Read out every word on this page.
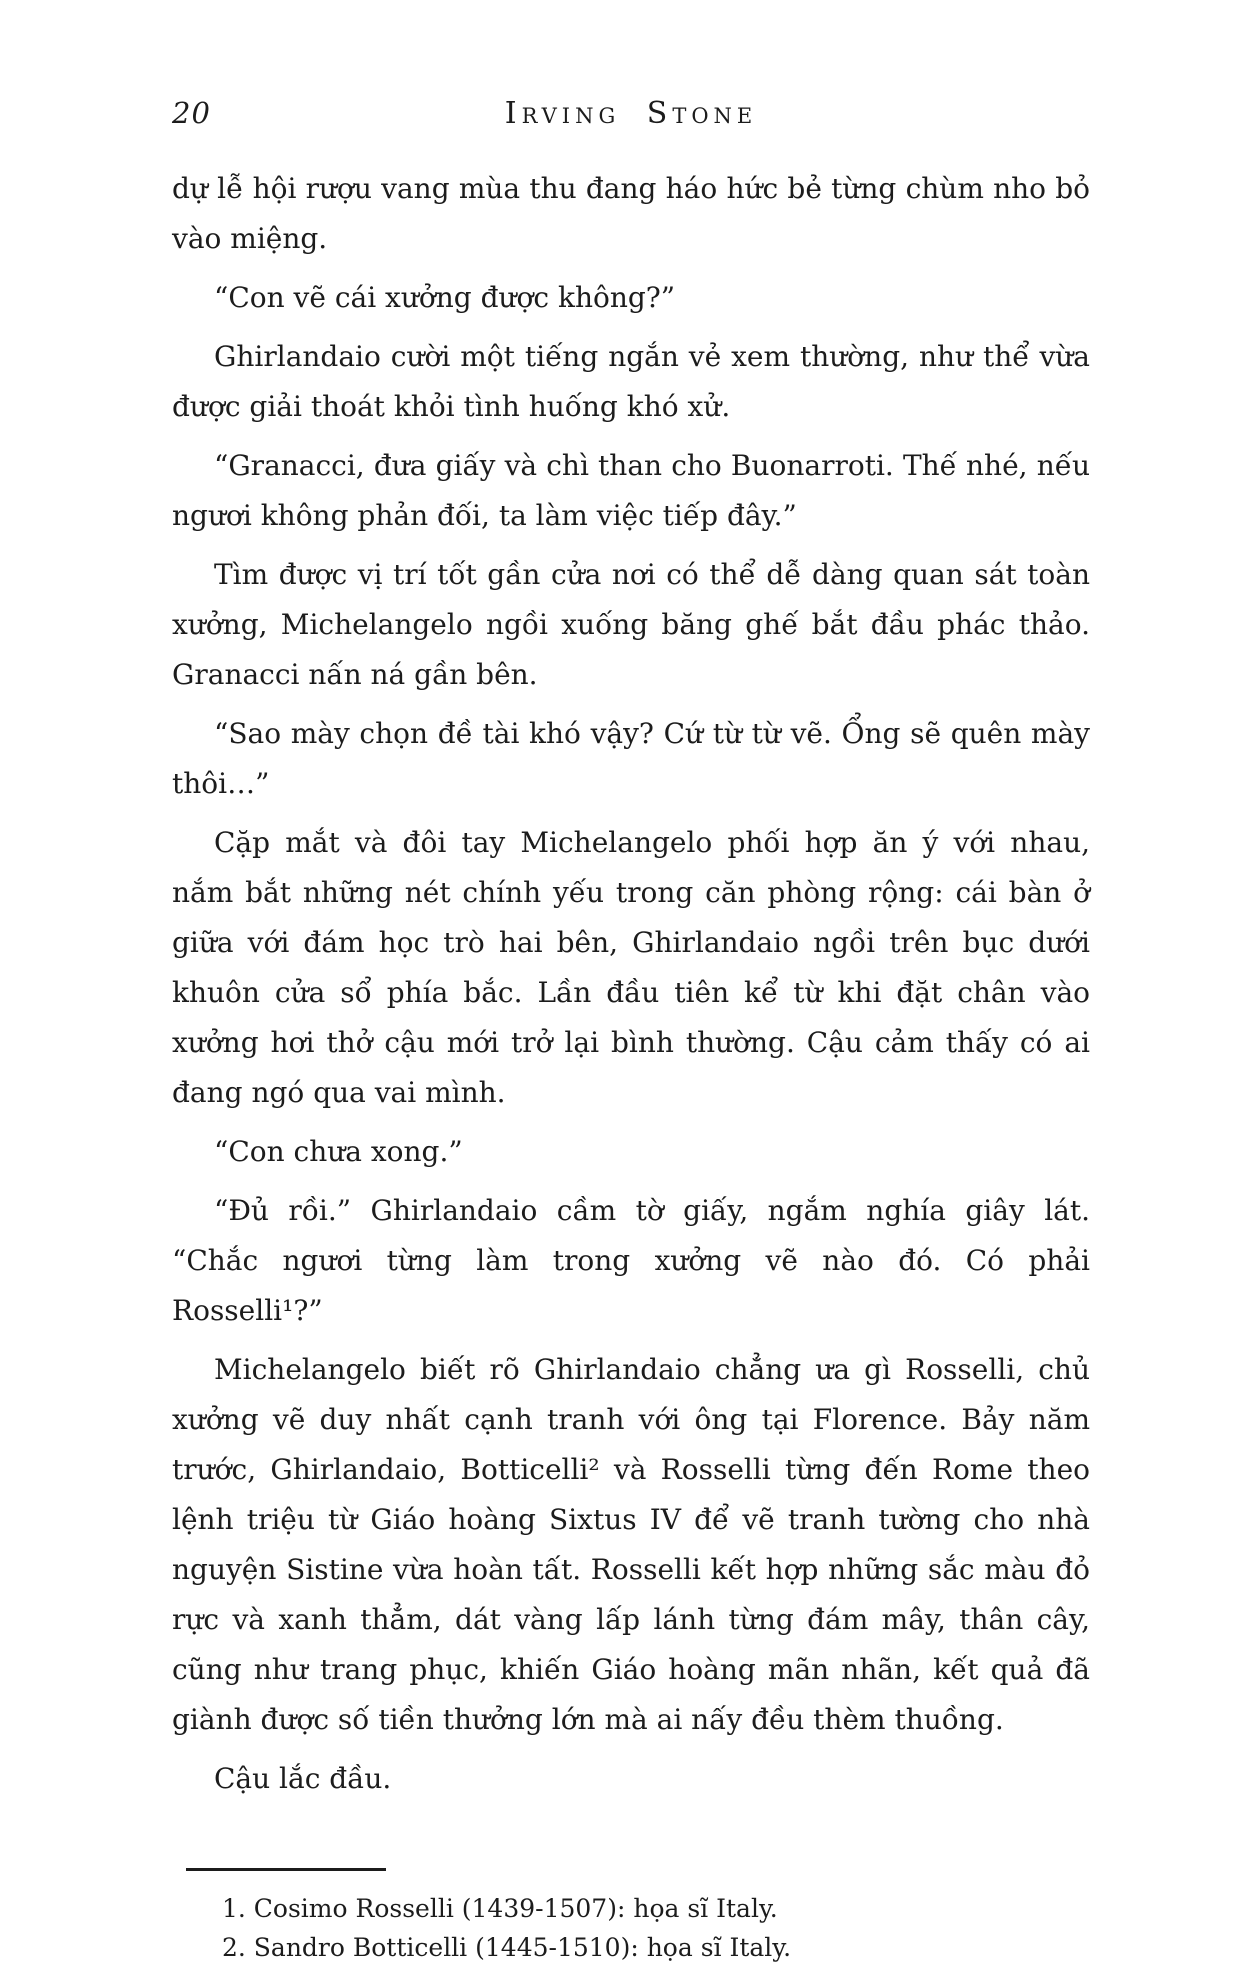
20	Irving Stone

dự lễ hội rượu vang mùa thu đang háo hức bẻ từng chùm nho bỏ vào miệng.

“Con vẽ cái xưởng được không?”

Ghirlandaio cười một tiếng ngắn vẻ xem thường, như thể vừa được giải thoát khỏi tình huống khó xử.

“Granacci, đưa giấy và chì than cho Buonarroti. Thế nhé, nếu ngươi không phản đối, ta làm việc tiếp đây.”

Tìm được vị trí tốt gần cửa nơi có thể dễ dàng quan sát toàn xưởng, Michelangelo ngồi xuống băng ghế bắt đầu phác thảo. Granacci nấn ná gần bên.

“Sao mày chọn đề tài khó vậy? Cứ từ từ vẽ. Ổng sẽ quên mày thôi…”

Cặp mắt và đôi tay Michelangelo phối hợp ăn ý với nhau, nắm bắt những nét chính yếu trong căn phòng rộng: cái bàn ở giữa với đám học trò hai bên, Ghirlandaio ngồi trên bục dưới khuôn cửa sổ phía bắc. Lần đầu tiên kể từ khi đặt chân vào xưởng hơi thở cậu mới trở lại bình thường. Cậu cảm thấy có ai đang ngó qua vai mình.

“Con chưa xong.”

“Đủ rồi.” Ghirlandaio cầm tờ giấy, ngắm nghía giây lát. “Chắc ngươi từng làm trong xưởng vẽ nào đó. Có phải Rosselli¹?”

Michelangelo biết rõ Ghirlandaio chẳng ưa gì Rosselli, chủ xưởng vẽ duy nhất cạnh tranh với ông tại Florence. Bảy năm trước, Ghirlandaio, Botticelli² và Rosselli từng đến Rome theo lệnh triệu từ Giáo hoàng Sixtus IV để vẽ tranh tường cho nhà nguyện Sistine vừa hoàn tất. Rosselli kết hợp những sắc màu đỏ rực và xanh thẳm, dát vàng lấp lánh từng đám mây, thân cây, cũng như trang phục, khiến Giáo hoàng mãn nhãn, kết quả đã giành được số tiền thưởng lớn mà ai nấy đều thèm thuồng.

Cậu lắc đầu.

1. Cosimo Rosselli (1439-1507): họa sĩ Italy.
2. Sandro Botticelli (1445-1510): họa sĩ Italy.
